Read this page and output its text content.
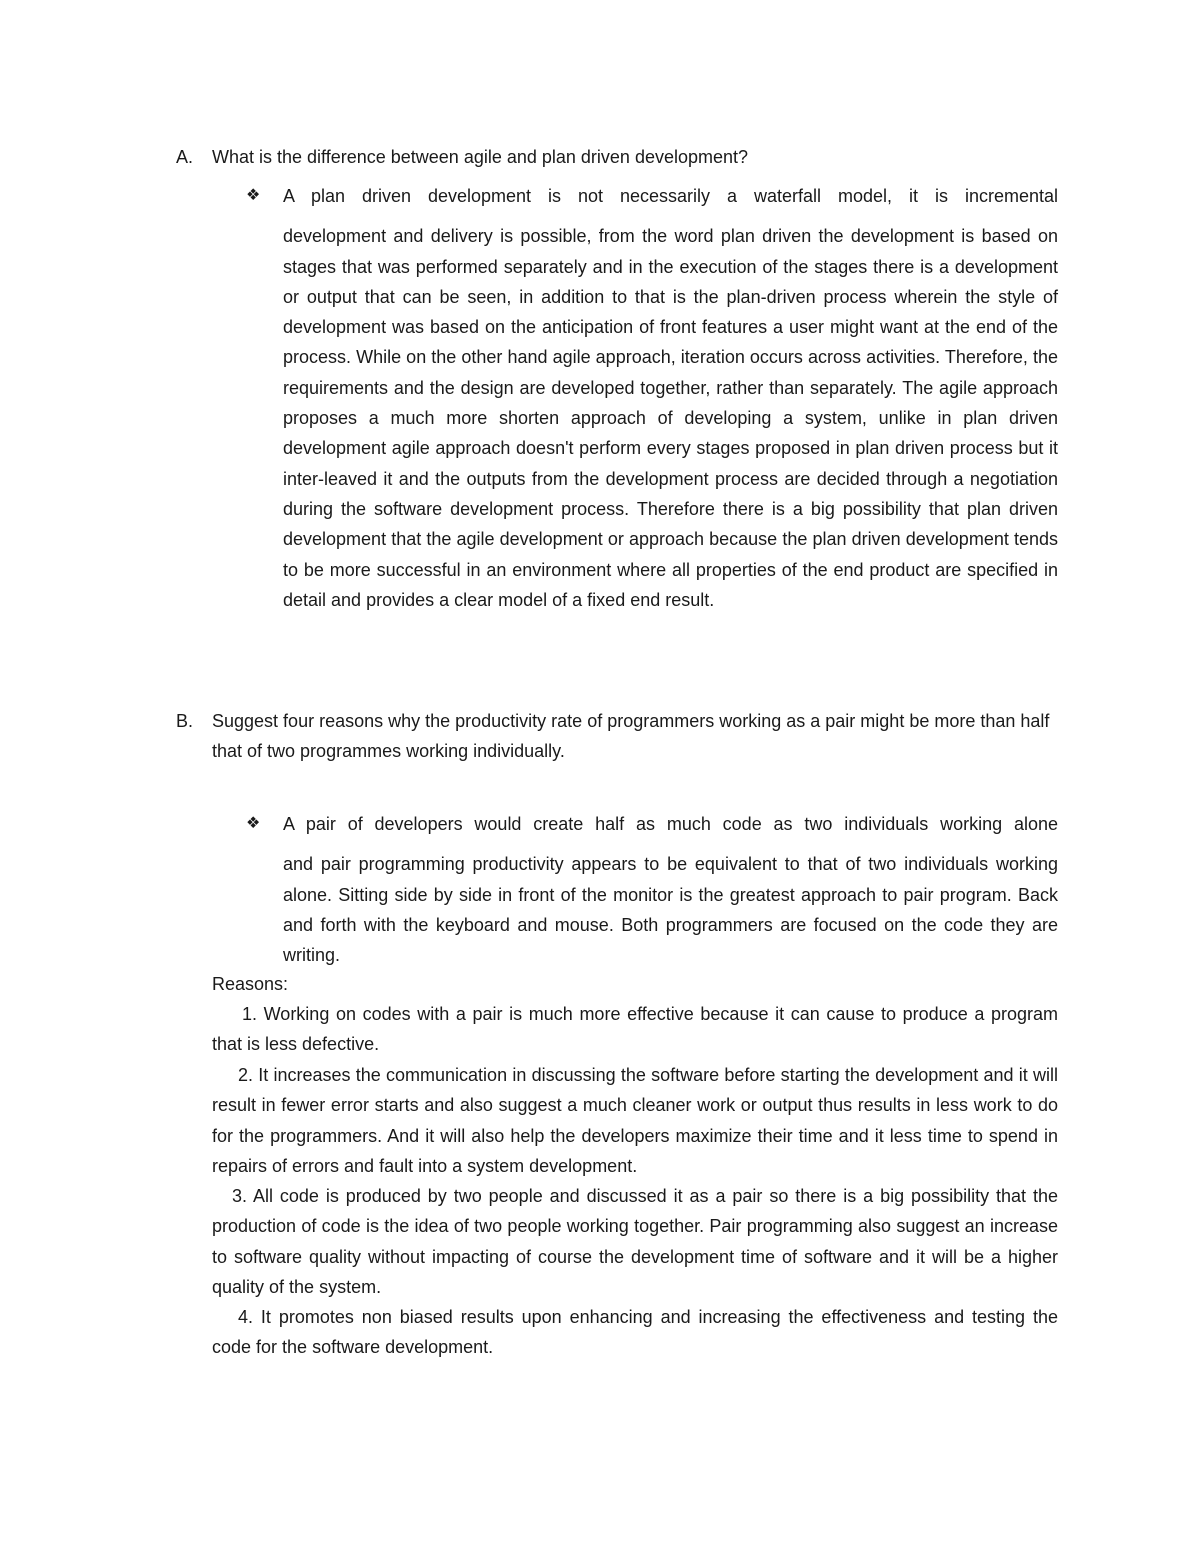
A. What is the difference between agile and plan driven development?
❖ A plan driven development is not necessarily a waterfall model, it is incremental
development and delivery is possible, from the word plan driven the development is based on stages that was performed separately and in the execution of the stages there is a development or output that can be seen, in addition to that is the plan-driven process wherein the style of development was based on the anticipation of front features a user might want at the end of the process. While on the other hand agile approach, iteration occurs across activities. Therefore, the requirements and the design are developed together, rather than separately. The agile approach proposes a much more shorten approach of developing a system, unlike in plan driven development agile approach doesn't perform every stages proposed in plan driven process but it inter-leaved it and the outputs from the development process are decided through a negotiation during the software development process. Therefore there is a big possibility that plan driven development that the agile development or approach because the plan driven development tends to be more successful in an environment where all properties of the end product are specified in detail and provides a clear model of a fixed end result.
B. Suggest four reasons why the productivity rate of programmers working as a pair might be more than half that of two programmes working individually.
❖ A pair of developers would create half as much code as two individuals working alone
and pair programming productivity appears to be equivalent to that of two individuals working alone. Sitting side by side in front of the monitor is the greatest approach to pair program. Back and forth with the keyboard and mouse. Both programmers are focused on the code they are writing.
Reasons:
1. Working on codes with a pair is much more effective because it can cause to produce a program that is less defective.
2. It increases the communication in discussing the software before starting the development and it will result in fewer error starts and also suggest a much cleaner work or output thus results in less work to do for the programmers. And it will also help the developers maximize their time and it less time to spend in repairs of errors and fault into a system development.
3. All code is produced by two people and discussed it as a pair so there is a big possibility that the production of code is the idea of two people working together. Pair programming also suggest an increase to software quality without impacting of course the development time of software and it will be a higher quality of the system.
4. It promotes non biased results upon enhancing and increasing the effectiveness and testing the code for the software development.
